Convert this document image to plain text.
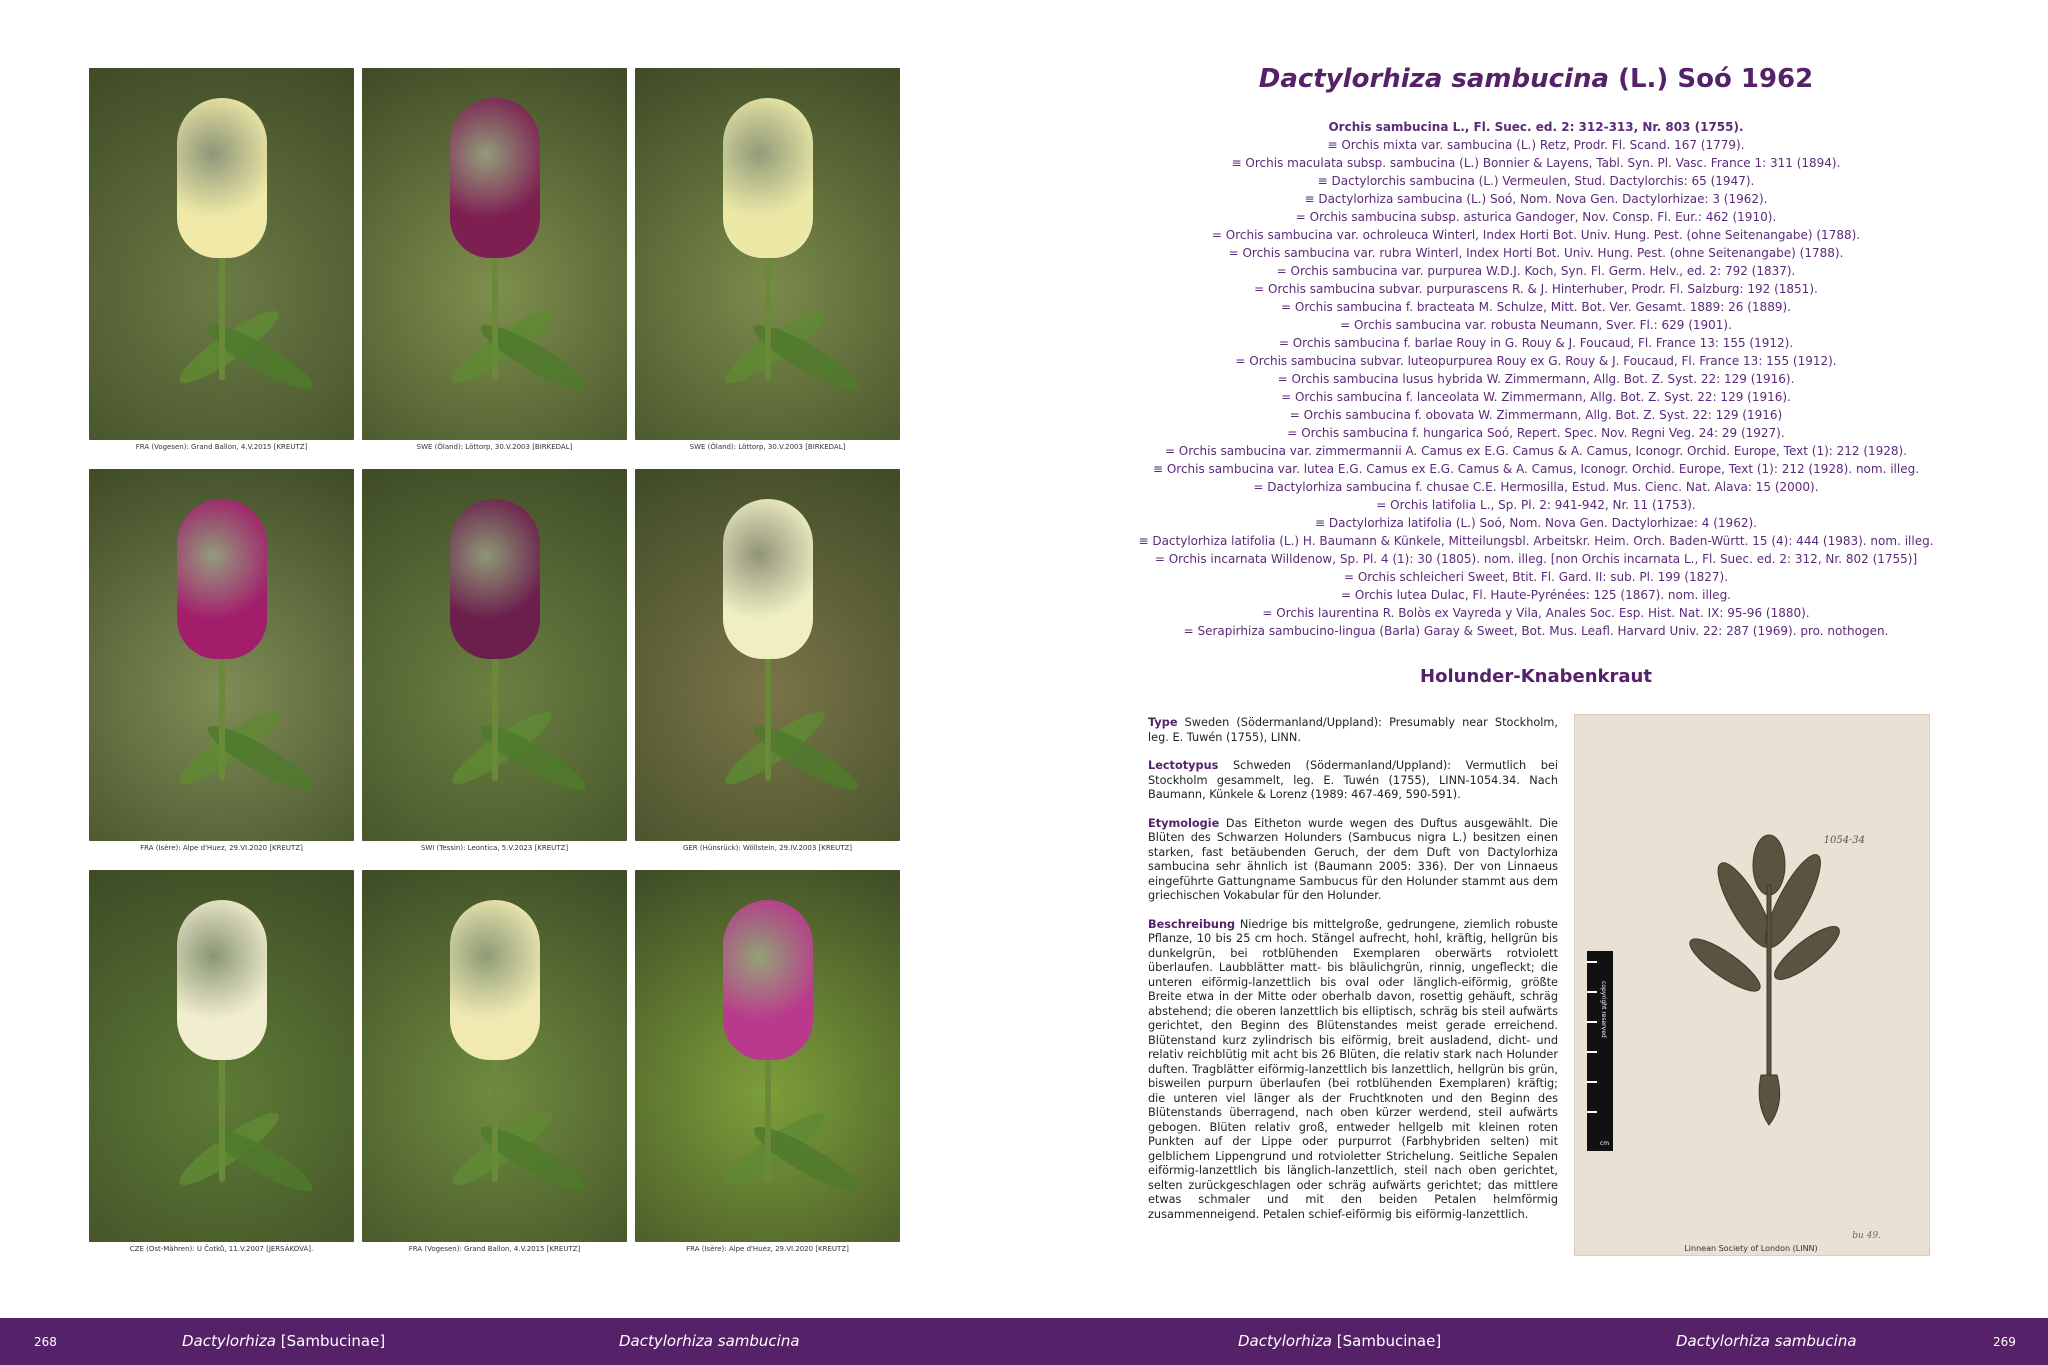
FRA (Vogesen): Grand Ballon, 4.V.2015 [KREUTZ]	SWE (Öland): Löttorp, 30.V.2003 [BIRKEDAL]	SWE (Öland): Löttorp, 30.V.2003 [BIRKEDAL]
FRA (Isère): Alpe d'Huez, 29.VI.2020 [KREUTZ]	SWI (Tessin): Leontica, 5.V.2023 [KREUTZ]	GER (Hünsrück): Wöllstein, 29.IV.2003 [KREUTZ]
CZE (Ost-Mähren): U Čotků, 11.V.2007 [JERSÁKOVÁ].	FRA (Vogesen): Grand Ballon, 4.V.2015 [KREUTZ]	FRA (Isère): Alpe d'Huez, 29.VI.2020 [KREUTZ]
Dactylorhiza sambucina (L.) Soó 1962
Orchis sambucina L., Fl. Suec. ed. 2: 312-313, Nr. 803 (1755).
≡ Orchis mixta var. sambucina (L.) Retz, Prodr. Fl. Scand. 167 (1779).
≡ Orchis maculata subsp. sambucina (L.) Bonnier & Layens, Tabl. Syn. Pl. Vasc. France 1: 311 (1894).
≡ Dactylorchis sambucina (L.) Vermeulen, Stud. Dactylorchis: 65 (1947).
≡ Dactylorhiza sambucina (L.) Soó, Nom. Nova Gen. Dactylorhizae: 3 (1962).
= Orchis sambucina subsp. asturica Gandoger, Nov. Consp. Fl. Eur.: 462 (1910).
= Orchis sambucina var. ochroleuca Winterl, Index Horti Bot. Univ. Hung. Pest. (ohne Seitenangabe) (1788).
= Orchis sambucina var. rubra Winterl, Index Horti Bot. Univ. Hung. Pest. (ohne Seitenangabe) (1788).
= Orchis sambucina var. purpurea W.D.J. Koch, Syn. Fl. Germ. Helv., ed. 2: 792 (1837).
= Orchis sambucina subvar. purpurascens R. & J. Hinterhuber, Prodr. Fl. Salzburg: 192 (1851).
= Orchis sambucina f. bracteata M. Schulze, Mitt. Bot. Ver. Gesamt. 1889: 26 (1889).
= Orchis sambucina var. robusta Neumann, Sver. Fl.: 629 (1901).
= Orchis sambucina f. barlae Rouy in G. Rouy & J. Foucaud, Fl. France 13: 155 (1912).
= Orchis sambucina subvar. luteopurpurea Rouy ex G. Rouy & J. Foucaud, Fl. France 13: 155 (1912).
= Orchis sambucina lusus hybrida W. Zimmermann, Allg. Bot. Z. Syst. 22: 129 (1916).
= Orchis sambucina f. lanceolata W. Zimmermann, Allg. Bot. Z. Syst. 22: 129 (1916).
= Orchis sambucina f. obovata W. Zimmermann, Allg. Bot. Z. Syst. 22: 129 (1916)
= Orchis sambucina f. hungarica Soó, Repert. Spec. Nov. Regni Veg. 24: 29 (1927).
= Orchis sambucina var. zimmermannii A. Camus ex E.G. Camus & A. Camus, Iconogr. Orchid. Europe, Text (1): 212 (1928).
≡ Orchis sambucina var. lutea E.G. Camus ex E.G. Camus & A. Camus, Iconogr. Orchid. Europe, Text (1): 212 (1928). nom. illeg.
= Dactylorhiza sambucina f. chusae C.E. Hermosilla, Estud. Mus. Cienc. Nat. Alava: 15 (2000).
= Orchis latifolia L., Sp. Pl. 2: 941-942, Nr. 11 (1753).
≡ Dactylorhiza latifolia (L.) Soó, Nom. Nova Gen. Dactylorhizae: 4 (1962).
≡ Dactylorhiza latifolia (L.) H. Baumann & Künkele, Mitteilungsbl. Arbeitskr. Heim. Orch. Baden-Württ. 15 (4): 444 (1983). nom. illeg.
= Orchis incarnata Willdenow, Sp. Pl. 4 (1): 30 (1805). nom. illeg. [non Orchis incarnata L., Fl. Suec. ed. 2: 312, Nr. 802 (1755)]
= Orchis schleicheri Sweet, Btit. Fl. Gard. II: sub. Pl. 199 (1827).
= Orchis lutea Dulac, Fl. Haute-Pyrénées: 125 (1867). nom. illeg.
= Orchis laurentina R. Bolòs ex Vayreda y Vila, Anales Soc. Esp. Hist. Nat. IX: 95-96 (1880).
= Serapirhiza sambucino-lingua (Barla) Garay & Sweet, Bot. Mus. Leafl. Harvard Univ. 22: 287 (1969). pro. nothogen.
Holunder-Knabenkraut

Type Sweden (Södermanland/Uppland): Presumably near Stockholm, leg. E. Tuwén (1755), LINN.

Lectotypus Schweden (Södermanland/Uppland): Vermutlich bei Stockholm gesammelt, leg. E. Tuwén (1755), LINN-1054.34. Nach Baumann, Künkele & Lorenz (1989: 467-469, 590-591).

Etymologie Das Eitheton wurde wegen des Duftus ausgewählt. Die Blüten des Schwarzen Holunders (Sambucus nigra L.) besitzen einen starken, fast betäubenden Geruch, der dem Duft von Dactylorhiza sambucina sehr ähnlich ist (Baumann 2005: 336). Der von Linnaeus eingeführte Gattungname Sambucus für den Holunder stammt aus dem griechischen Vokabular für den Holunder.

Beschreibung Niedrige bis mittelgroße, gedrungene, ziemlich robuste Pflanze, 10 bis 25 cm hoch. Stängel aufrecht, hohl, kräftig, hellgrün bis dunkelgrün, bei rotblühenden Exemplaren oberwärts rotviolett überlaufen. Laubblätter matt- bis bläulichgrün, rinnig, ungefleckt; die unteren eiförmig-lanzettlich bis oval oder länglich-eiförmig, größte Breite etwa in der Mitte oder oberhalb davon, rosettig gehäuft, schräg abstehend; die oberen lanzettlich bis elliptisch, schräg bis steil aufwärts gerichtet, den Beginn des Blütenstandes meist gerade erreichend. Blütenstand kurz zylindrisch bis eiförmig, breit ausladend, dicht- und relativ reichblütig mit acht bis 26 Blüten, die relativ stark nach Holunder duften. Tragblätter eiförmig-lanzettlich bis lanzettlich, hellgrün bis grün, bisweilen purpurn überlaufen (bei rotblühenden Exemplaren) kräftig; die unteren viel länger als der Fruchtknoten und den Beginn des Blütenstands überragend, nach oben kürzer werdend, steil aufwärts gebogen. Blüten relativ groß, entweder hellgelb mit kleinen roten Punkten auf der Lippe oder purpurrot (Farbhybriden selten) mit gelblichem Lippengrund und rotvioletter Strichelung. Seitliche Sepalen eiförmig-lanzettlich bis länglich-lanzettlich, steil nach oben gerichtet, selten zurückgeschlagen oder schräg aufwärts gerichtet; das mittlere etwas schmaler und mit den beiden Petalen helmförmig zusammenneigend. Petalen schief-eiförmig bis eiförmig-lanzettlich.

1054·34
bu 49.
copyright reserved
cm
Linnean Society of London (LINN)
268	Dactylorhiza [Sambucinae]	Dactylorhiza sambucina	Dactylorhiza [Sambucinae]	Dactylorhiza sambucina	269
